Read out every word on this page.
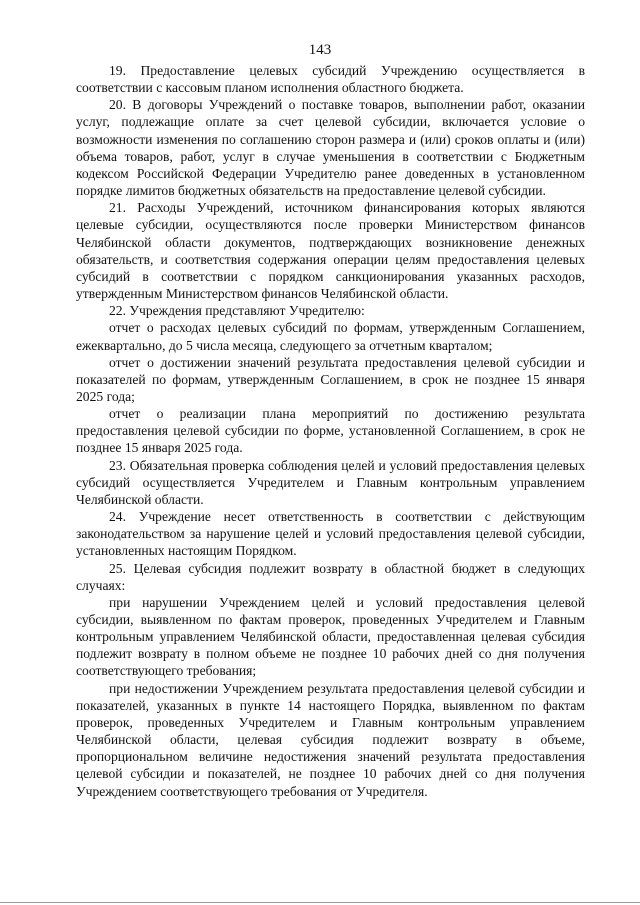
143

19. Предоставление целевых субсидий Учреждению осуществляется в соответствии с кассовым планом исполнения областного бюджета.

20. В договоры Учреждений о поставке товаров, выполнении работ, оказании услуг, подлежащие оплате за счет целевой субсидии, включается условие о возможности изменения по соглашению сторон размера и (или) сроков оплаты и (или) объема товаров, работ, услуг в случае уменьшения в соответствии с Бюджетным кодексом Российской Федерации Учредителю ранее доведенных в установленном порядке лимитов бюджетных обязательств на предоставление целевой субсидии.

21. Расходы Учреждений, источником финансирования которых являются целевые субсидии, осуществляются после проверки Министерством финансов Челябинской области документов, подтверждающих возникновение денежных обязательств, и соответствия содержания операции целям предоставления целевых субсидий в соответствии с порядком санкционирования указанных расходов, утвержденным Министерством финансов Челябинской области.

22. Учреждения представляют Учредителю:

отчет о расходах целевых субсидий по формам, утвержденным Соглашением, ежеквартально, до 5 числа месяца, следующего за отчетным кварталом;

отчет о достижении значений результата предоставления целевой субсидии и показателей по формам, утвержденным Соглашением, в срок не позднее 15 января 2025 года;

отчет о реализации плана мероприятий по достижению результата предоставления целевой субсидии по форме, установленной Соглашением, в срок не позднее 15 января 2025 года.

23. Обязательная проверка соблюдения целей и условий предоставления целевых субсидий осуществляется Учредителем и Главным контрольным управлением Челябинской области.

24. Учреждение несет ответственность в соответствии с действующим законодательством за нарушение целей и условий предоставления целевой субсидии, установленных настоящим Порядком.

25. Целевая субсидия подлежит возврату в областной бюджет в следующих случаях:

при нарушении Учреждением целей и условий предоставления целевой субсидии, выявленном по фактам проверок, проведенных Учредителем и Главным контрольным управлением Челябинской области, предоставленная целевая субсидия подлежит возврату в полном объеме не позднее 10 рабочих дней со дня получения соответствующего требования;

при недостижении Учреждением результата предоставления целевой субсидии и показателей, указанных в пункте 14 настоящего Порядка, выявленном по фактам проверок, проведенных Учредителем и Главным контрольным управлением Челябинской области, целевая субсидия подлежит возврату в объеме, пропорциональном величине недостижения значений результата предоставления целевой субсидии и показателей, не позднее 10 рабочих дней со дня получения Учреждением соответствующего требования от Учредителя.
